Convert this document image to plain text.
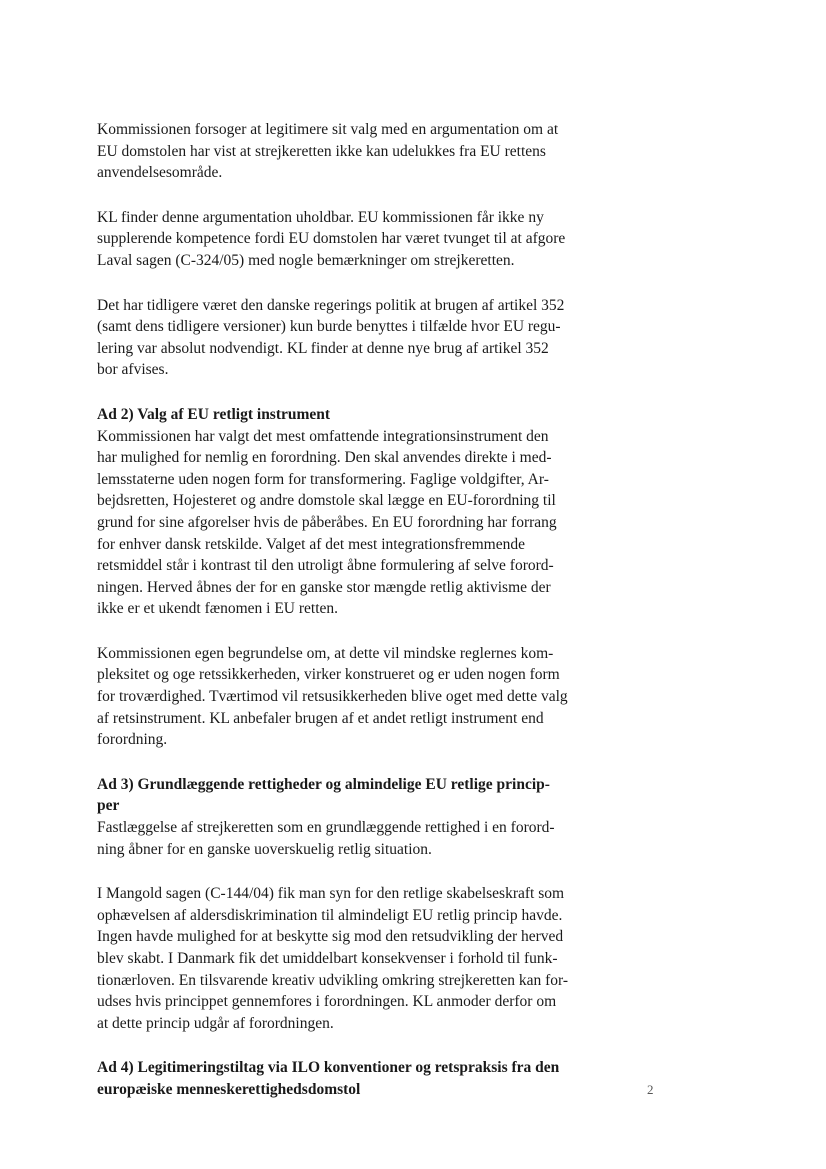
Kommissionen forsoger at legitimere sit valg med en argumentation om at
EU domstolen har vist at strejkeretten ikke kan udelukkes fra EU rettens
anvendelsesområde.

KL finder denne argumentation uholdbar. EU kommissionen får ikke ny
supplerende kompetence fordi EU domstolen har været tvunget til at afgore
Laval sagen (C-324/05) med nogle bemærkninger om strejkeretten.

Det har tidligere været den danske regerings politik at brugen af artikel 352
(samt dens tidligere versioner) kun burde benyttes i tilfælde hvor EU regu-
lering var absolut nodvendigt. KL finder at denne nye brug af artikel 352
bor afvises.

Ad 2) Valg af EU retligt instrument

Kommissionen har valgt det mest omfattende integrationsinstrument den
har mulighed for nemlig en forordning. Den skal anvendes direkte i med-
lemsstaterne uden nogen form for transformering. Faglige voldgifter, Ar-
bejdsretten, Hojesteret og andre domstole skal lægge en EU-forordning til
grund for sine afgorelser hvis de påberåbes. En EU forordning har forrang
for enhver dansk retskilde. Valget af det mest integrationsfremmende
retsmiddel står i kontrast til den utroligt åbne formulering af selve forord-
ningen. Herved åbnes der for en ganske stor mængde retlig aktivisme der
ikke er et ukendt fænomen i EU retten.

Kommissionen egen begrundelse om, at dette vil mindske reglernes kom-
pleksitet og oge retssikkerheden, virker konstrueret og er uden nogen form
for troværdighed. Tværtimod vil retsusikkerheden blive oget med dette valg
af retsinstrument. KL anbefaler brugen af et andet retligt instrument end
forordning.

Ad 3) Grundlæggende rettigheder og almindelige EU retlige princip-
per

Fastlæggelse af strejkeretten som en grundlæggende rettighed i en forord-
ning åbner for en ganske uoverskuelig retlig situation.

I Mangold sagen (C-144/04) fik man syn for den retlige skabelseskraft som
ophævelsen af aldersdiskrimination til almindeligt EU retlig princip havde.
Ingen havde mulighed for at beskytte sig mod den retsudvikling der herved
blev skabt. I Danmark fik det umiddelbart konsekvenser i forhold til funk-
tionærloven. En tilsvarende kreativ udvikling omkring strejkeretten kan for-
udses hvis princippet gennemfores i forordningen. KL anmoder derfor om
at dette princip udgår af forordningen.

Ad 4) Legitimeringstiltag via ILO konventioner og retspraksis fra den
europæiske menneskerettighedsdomstol	2
